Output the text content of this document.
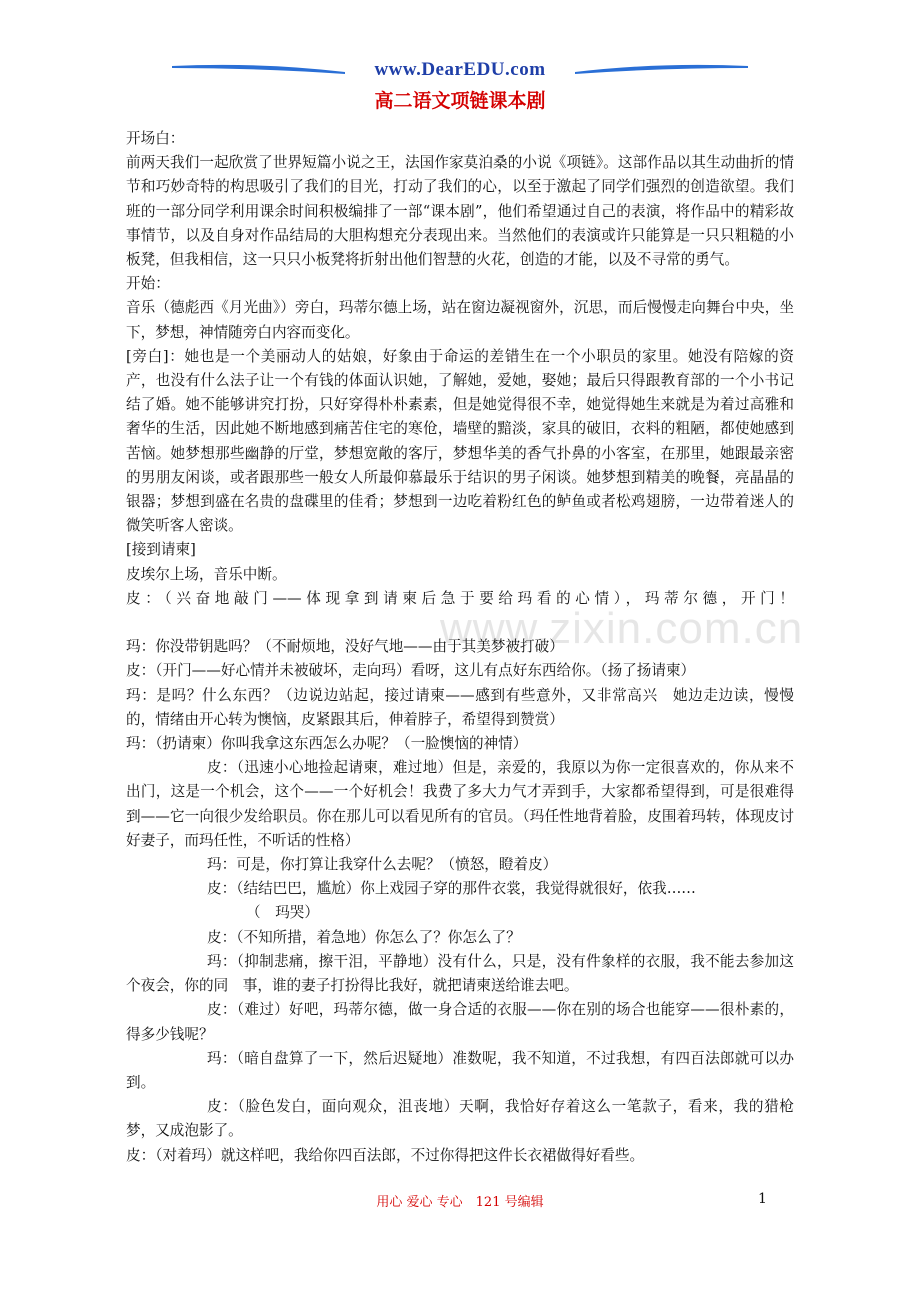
www.DearEDU.com
高二语文项链课本剧
www.zixin.com.cn

开场白：

前两天我们一起欣赏了世界短篇小说之王，法国作家莫泊桑的小说《项链》。这部作品以其生动曲折的情节和巧妙奇特的构思吸引了我们的目光，打动了我们的心，以至于激起了同学们强烈的创造欲望。我们班的一部分同学利用课余时间积极编排了一部“课本剧”，他们希望通过自己的表演，将作品中的精彩故事情节，以及自身对作品结局的大胆构想充分表现出来。当然他们的表演或许只能算是一只只粗糙的小板凳，但我相信，这一只只小板凳将折射出他们智慧的火花，创造的才能，以及不寻常的勇气。

开始：

音乐（德彪西《月光曲》）旁白，玛蒂尔德上场，站在窗边凝视窗外，沉思，而后慢慢走向舞台中央，坐下，梦想，神情随旁白内容而变化。

[旁白]：她也是一个美丽动人的姑娘，好象由于命运的差错生在一个小职员的家里。她没有陪嫁的资产，也没有什么法子让一个有钱的体面认识她，了解她，爱她，娶她；最后只得跟教育部的一个小书记结了婚。她不能够讲究打扮，只好穿得朴朴素素，但是她觉得很不幸，她觉得她生来就是为着过高雅和奢华的生活，因此她不断地感到痛苦住宅的寒伧，墙壁的黯淡，家具的破旧，衣料的粗陋，都使她感到苦恼。她梦想那些幽静的厅堂，梦想宽敞的客厅，梦想华美的香气扑鼻的小客室，在那里，她跟最亲密的男朋友闲谈，或者跟那些一般女人所最仰慕最乐于结识的男子闲谈。她梦想到精美的晚餐，亮晶晶的银器；梦想到盛在名贵的盘碟里的佳肴；梦想到一边吃着粉红色的鲈鱼或者松鸡翅膀，一边带着迷人的微笑听客人密谈。

[接到请柬]

皮埃尔上场，音乐中断。

皮：（兴奋地敲门——体现拿到请柬后急于要给玛看的心情），玛蒂尔德，开门！

玛：你没带钥匙吗？（不耐烦地，没好气地——由于其美梦被打破）

皮：（开门——好心情并未被破坏，走向玛）看呀，这儿有点好东西给你。（扬了扬请柬）

玛：是吗？什么东西？（边说边站起，接过请柬——感到有些意外，又非常高兴　她边走边读，慢慢的，情绪由开心转为懊恼，皮紧跟其后，伸着脖子，希望得到赞赏）

玛：（扔请柬）你叫我拿这东西怎么办呢？（一脸懊恼的神情）

皮：（迅速小心地捡起请柬，难过地）但是，亲爱的，我原以为你一定很喜欢的，你从来不出门，这是一个机会，这个——一个好机会！我费了多大力气才弄到手，大家都希望得到，可是很难得到——它一向很少发给职员。你在那儿可以看见所有的官员。（玛任性地背着脸，皮围着玛转，体现皮讨好妻子，而玛任性，不听话的性格）

玛：可是，你打算让我穿什么去呢？（愤怒，瞪着皮）

皮：（结结巴巴，尴尬）你上戏园子穿的那件衣裳，我觉得就很好，依我……

（　玛哭）

皮：（不知所措，着急地）你怎么了？你怎么了？

玛：（抑制悲痛，擦干泪，平静地）没有什么，只是，没有件象样的衣服，我不能去参加这个夜会，你的同　事，谁的妻子打扮得比我好，就把请柬送给谁去吧。

皮：（难过）好吧，玛蒂尔德，做一身合适的衣服——你在别的场合也能穿——很朴素的，得多少钱呢？

玛：（暗自盘算了一下，然后迟疑地）准数呢，我不知道，不过我想，有四百法郎就可以办到。

皮：（脸色发白，面向观众，沮丧地）天啊，我恰好存着这么一笔款子，看来，我的猎枪梦，又成泡影了。

皮：（对着玛）就这样吧，我给你四百法郎，不过你得把这件长衣裙做得好看些。

用心 爱心 专心　121 号编辑	1
